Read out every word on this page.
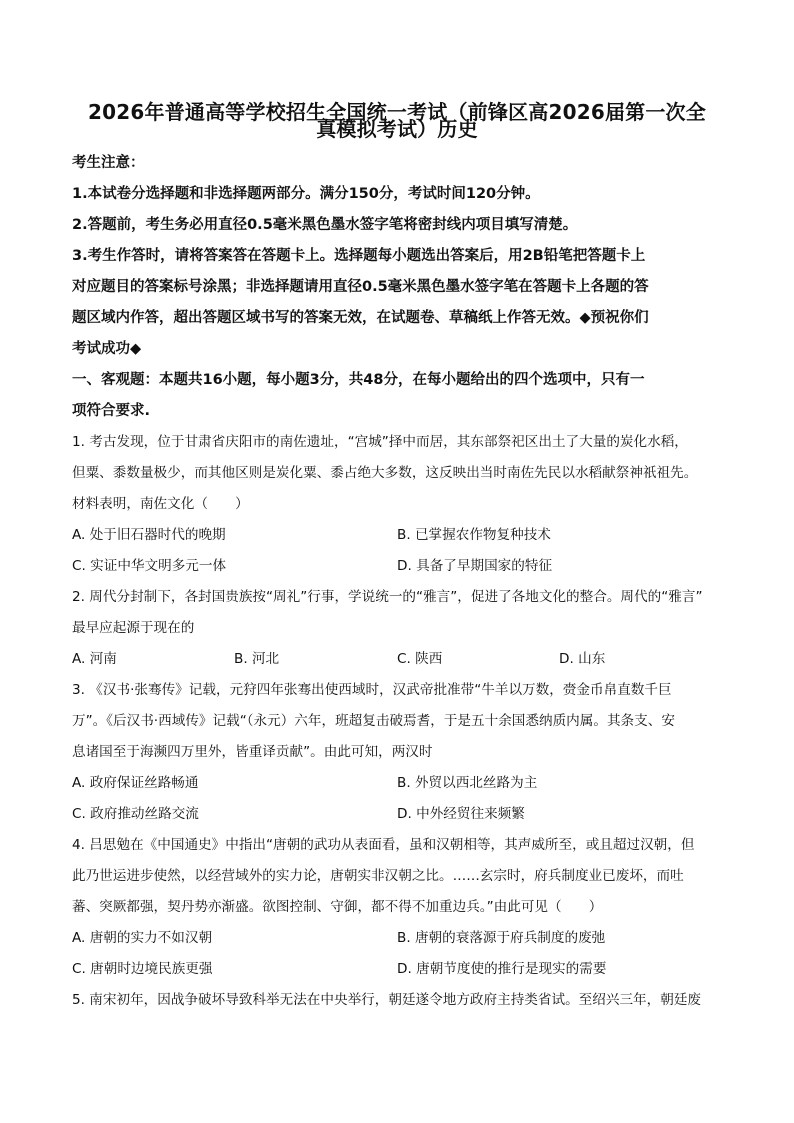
2026年普通高等学校招生全国统一考试（前锋区高2026届第一次全
真模拟考试）历史
考生注意：
1.本试卷分选择题和非选择题两部分。满分150分，考试时间120分钟。
2.答题前，考生务必用直径0.5毫米黑色墨水签字笔将密封线内项目填写清楚。
3.考生作答时，请将答案答在答题卡上。选择题每小题选出答案后，用2B铅笔把答题卡上
对应题目的答案标号涂黑；非选择题请用直径0.5毫米黑色墨水签字笔在答题卡上各题的答
题区域内作答，超出答题区域书写的答案无效，在试题卷、草稿纸上作答无效。◆预祝你们
考试成功◆
一、客观题：本题共16小题，每小题3分，共48分，在每小题给出的四个选项中，只有一
项符合要求.
1. 考古发现，位于甘肃省庆阳市的南佐遗址，“宫城”择中而居，其东部祭祀区出土了大量的炭化水稻，
但粟、黍数量极少，而其他区则是炭化粟、黍占绝大多数，这反映出当时南佐先民以水稻献祭神祇祖先。
材料表明，南佐文化（　　）
A. 处于旧石器时代的晚期	B. 已掌握农作物复种技术
C. 实证中华文明多元一体	D. 具备了早期国家的特征
2. 周代分封制下，各封国贵族按“周礼”行事，学说统一的“雅言”，促进了各地文化的整合。周代的“雅言”
最早应起源于现在的
A. 河南	B. 河北	C. 陕西	D. 山东
3. 《汉书·张骞传》记载，元狩四年张骞出使西域时，汉武帝批准带“牛羊以万数，赍金币帛直数千巨
万”。《后汉书·西域传》记载“（永元）六年，班超复击破焉耆，于是五十余国悉纳质内属。其条支、安
息诸国至于海濒四万里外，皆重译贡献”。由此可知，两汉时
A. 政府保证丝路畅通	B. 外贸以西北丝路为主
C. 政府推动丝路交流	D. 中外经贸往来频繁
4. 吕思勉在《中国通史》中指出“唐朝的武功从表面看，虽和汉朝相等，其声威所至，或且超过汉朝，但
此乃世运进步使然，以经营域外的实力论，唐朝实非汉朝之比。……玄宗时，府兵制度业已废坏，而吐
蕃、突厥都强，契丹势亦渐盛。欲图控制、守御，都不得不加重边兵。”由此可见（　　）
A. 唐朝的实力不如汉朝	B. 唐朝的衰落源于府兵制度的废弛
C. 唐朝时边境民族更强	D. 唐朝节度使的推行是现实的需要
5. 南宋初年，因战争破坏导致科举无法在中央举行，朝廷遂令地方政府主持类省试。至绍兴三年，朝廷废
